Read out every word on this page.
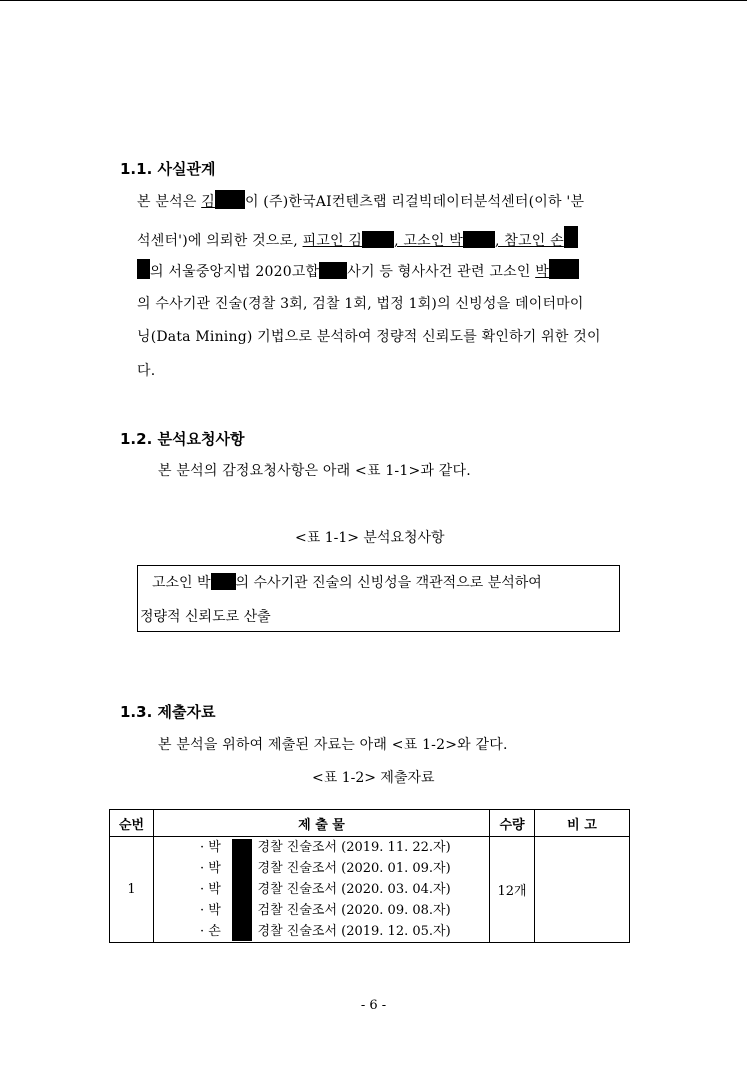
1.1. 사실관계
본 분석은 김 이 (주)한국AI컨텐츠랩 리걸빅데이터분석센터(이하 '분
석센터')에 의뢰한 것으로, 피고인 김 , 고소인 박 , 참고인 손
의 서울중앙지법 2020고합 사기 등 형사사건 관련 고소인 박
의 수사기관 진술(경찰 3회, 검찰 1회, 법정 1회)의 신빙성을 데이터마이
닝(Data Mining) 기법으로 분석하여 정량적 신뢰도를 확인하기 위한 것이
다.
1.2. 분석요청사항
본 분석의 감정요청사항은 아래 <표 1-1>과 같다.
<표 1-1> 분석요청사항
고소인 박 의 수사기관 진술의 신빙성을 객관적으로 분석하여
정량적 신뢰도로 산출
1.3. 제출자료
본 분석을 위하여 제출된 자료는 아래 <표 1-2>와 같다.
<표 1-2> 제출자료
순번	제 출 물	수량	비 고
1	· 박 의 경찰 진술조서 (2019. 11. 22.자)
· 박 의 경찰 진술조서 (2020. 01. 09.자)
· 박 의 경찰 진술조서 (2020. 03. 04.자)
· 박 의 검찰 진술조서 (2020. 09. 08.자)
· 손 의 경찰 진술조서 (2019. 12. 05.자)	12개	
- 6 -
